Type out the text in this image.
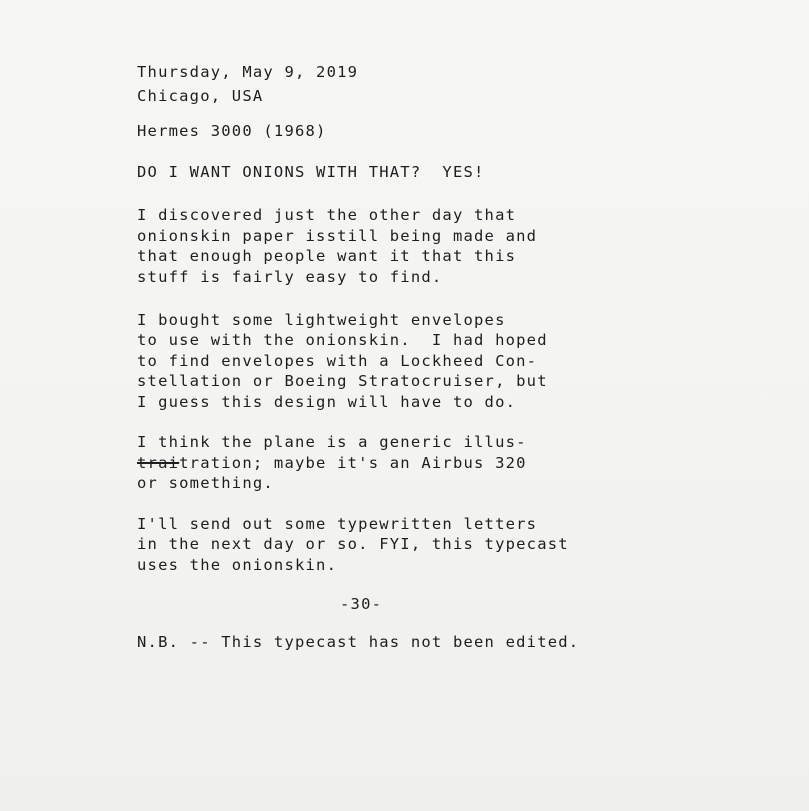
Thursday, May 9, 2019

Chicago, USA

Hermes 3000 (1968)

DO I WANT ONIONS WITH THAT?  YES!

I discovered just the other day that

onionskin paper isstill being made and

that enough people want it that this

stuff is fairly easy to find.

I bought some lightweight envelopes

to use with the onionskin.  I had hoped

to find envelopes with a Lockheed Con-

stellation or Boeing Stratocruiser, but

I guess this design will have to do.

I think the plane is a generic illus-

traitration; maybe it's an Airbus 320

or something.

I'll send out some typewritten letters

in the next day or so. FYI, this typecast

uses the onionskin.

-30-

N.B. -- This typecast has not been edited.
